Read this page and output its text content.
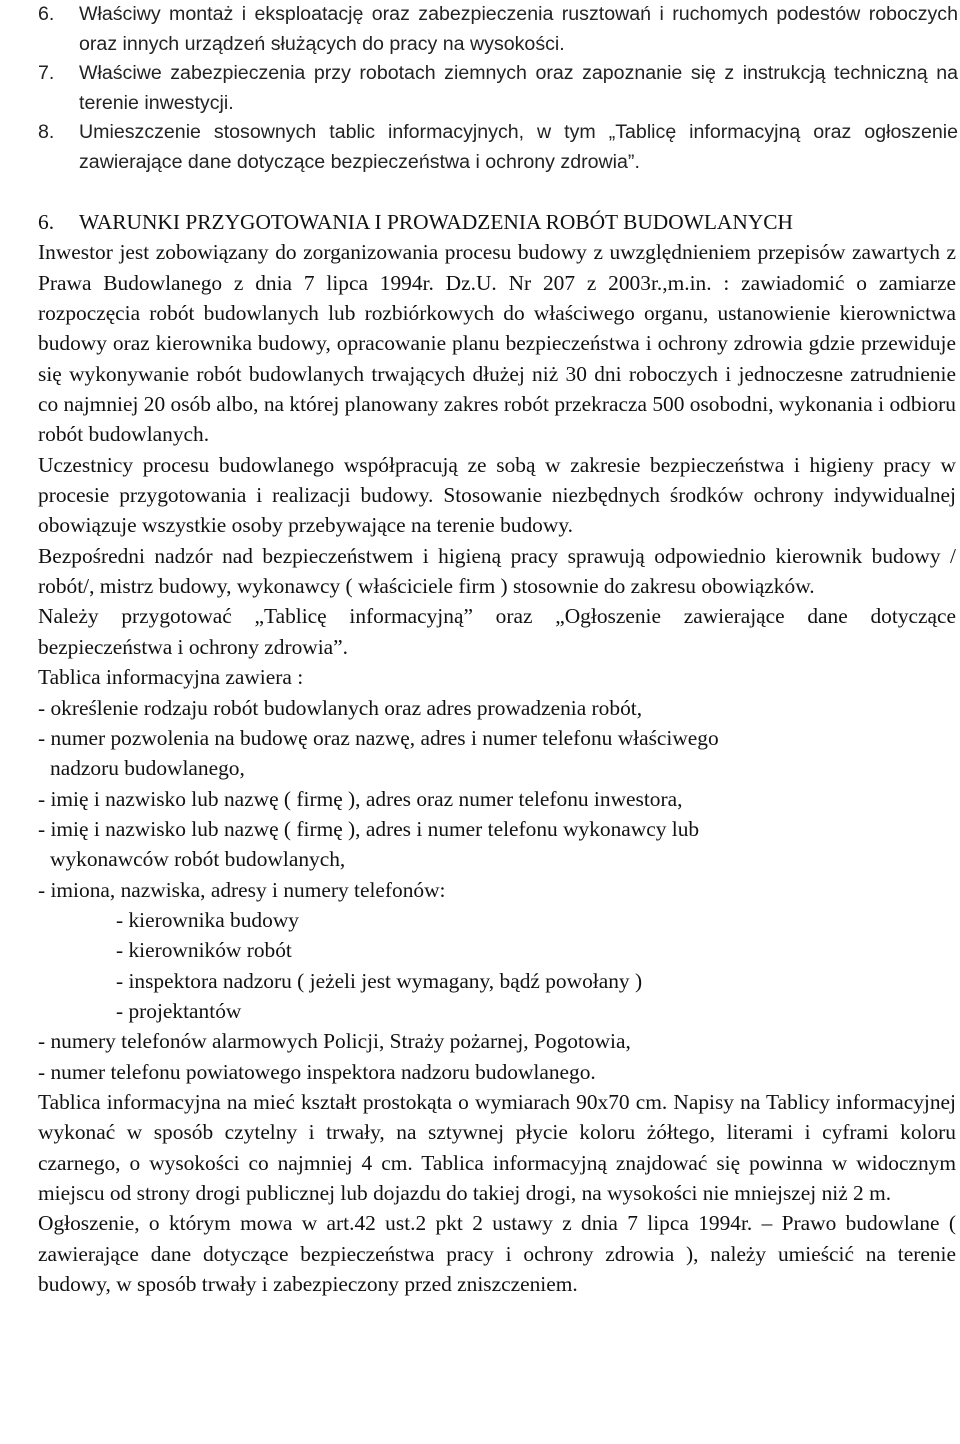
6.	Właściwy montaż i eksploatację oraz zabezpieczenia rusztowań i ruchomych podestów roboczych oraz innych urządzeń służących do pracy na wysokości.
7.	Właściwe zabezpieczenia przy robotach ziemnych oraz zapoznanie się z instrukcją techniczną na terenie inwestycji.
8.	Umieszczenie stosownych tablic informacyjnych, w tym „Tablicę informacyjną oraz ogłoszenie zawierające dane dotyczące bezpieczeństwa i ochrony zdrowia”.
6. WARUNKI PRZYGOTOWANIA I PROWADZENIA ROBÓT BUDOWLANYCH
Inwestor jest zobowiązany do zorganizowania procesu budowy z uwzględnieniem przepisów zawartych z Prawa Budowlanego z dnia 7 lipca 1994r. Dz.U. Nr 207 z 2003r.,m.in. : zawiadomić o zamiarze rozpoczęcia robót budowlanych lub rozbiórkowych do właściwego organu, ustanowienie kierownictwa budowy oraz kierownika budowy, opracowanie planu bezpieczeństwa i ochrony zdrowia gdzie przewiduje się wykonywanie robót budowlanych trwających dłużej niż 30 dni roboczych i jednoczesne zatrudnienie co najmniej 20 osób albo, na której planowany zakres robót przekracza 500 osobodni, wykonania i odbioru robót budowlanych.
Uczestnicy procesu budowlanego współpracują ze sobą w zakresie bezpieczeństwa i higieny pracy w procesie przygotowania i realizacji budowy. Stosowanie niezbędnych środków ochrony indywidualnej obowiązuje wszystkie osoby przebywające na terenie budowy.
Bezpośredni nadzór nad bezpieczeństwem i higieną pracy sprawują odpowiednio kierownik budowy / robót/, mistrz budowy, wykonawcy ( właściciele firm ) stosownie do zakresu obowiązków.
Należy przygotować „Tablicę informacyjną” oraz „Ogłoszenie zawierające dane dotyczące bezpieczeństwa i ochrony zdrowia”.
Tablica informacyjna zawiera :
- określenie rodzaju robót budowlanych oraz adres prowadzenia robót,
- numer pozwolenia na budowę oraz nazwę, adres i numer telefonu właściwego
nadzoru budowlanego,
- imię i nazwisko lub nazwę ( firmę ), adres oraz numer telefonu inwestora,
- imię i nazwisko lub nazwę ( firmę ), adres i numer telefonu wykonawcy lub
wykonawców robót budowlanych,
- imiona, nazwiska, adresy i numery telefonów:
- kierownika budowy
- kierowników robót
- inspektora nadzoru ( jeżeli jest wymagany, bądź powołany )
- projektantów
- numery telefonów alarmowych Policji, Straży pożarnej, Pogotowia,
- numer telefonu powiatowego inspektora nadzoru budowlanego.
Tablica informacyjna na mieć kształt prostokąta o wymiarach 90x70 cm. Napisy na Tablicy informacyjnej wykonać w sposób czytelny i trwały, na sztywnej płycie koloru żółtego, literami i cyframi koloru czarnego, o wysokości co najmniej 4 cm. Tablica informacyjną znajdować się powinna w widocznym miejscu od strony drogi publicznej lub dojazdu do takiej drogi, na wysokości nie mniejszej niż 2 m.
Ogłoszenie, o którym mowa w art.42 ust.2 pkt 2 ustawy z dnia 7 lipca 1994r. – Prawo budowlane ( zawierające dane dotyczące bezpieczeństwa pracy i ochrony zdrowia ), należy umieścić na terenie budowy, w sposób trwały i zabezpieczony przed zniszczeniem.
